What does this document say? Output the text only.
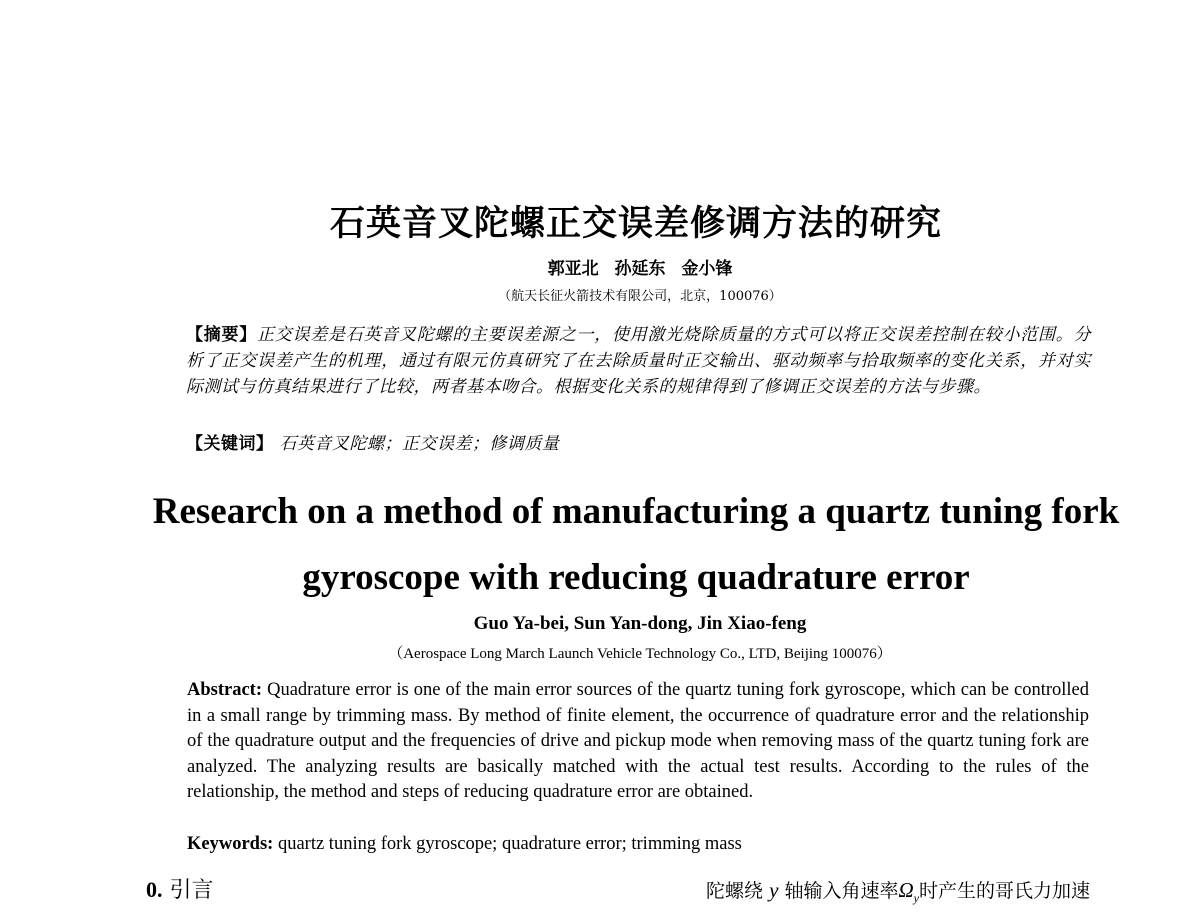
石英音叉陀螺正交误差修调方法的研究
郭亚北 孙延东 金小锋
（航天长征火箭技术有限公司，北京，100076）
【摘要】正交误差是石英音叉陀螺的主要误差源之一，使用激光烧除质量的方式可以将正交误差控制在较小范围。分析了正交误差产生的机理，通过有限元仿真研究了在去除质量时正交输出、驱动频率与拾取频率的变化关系，并对实际测试与仿真结果进行了比较，两者基本吻合。根据变化关系的规律得到了修调正交误差的方法与步骤。
【关键词】 石英音叉陀螺；正交误差；修调质量
Research on a method of manufacturing a quartz tuning fork
gyroscope with reducing quadrature error
Guo Ya-bei, Sun Yan-dong, Jin Xiao-feng
（Aerospace Long March Launch Vehicle Technology Co., LTD, Beijing 100076）
Abstract: Quadrature error is one of the main error sources of the quartz tuning fork gyroscope, which can be controlled in a small range by trimming mass. By method of finite element, the occurrence of quadrature error and the relationship of the quadrature output and the frequencies of drive and pickup mode when removing mass of the quartz tuning fork are analyzed. The analyzing results are basically matched with the actual test results. According to the rules of the relationship, the method and steps of reducing quadrature error are obtained.
Keywords: quartz tuning fork gyroscope; quadrature error; trimming mass
0. 引言	陀螺绕 y 轴输入角速率$\Omega_y$时产生的哥氏力加速
